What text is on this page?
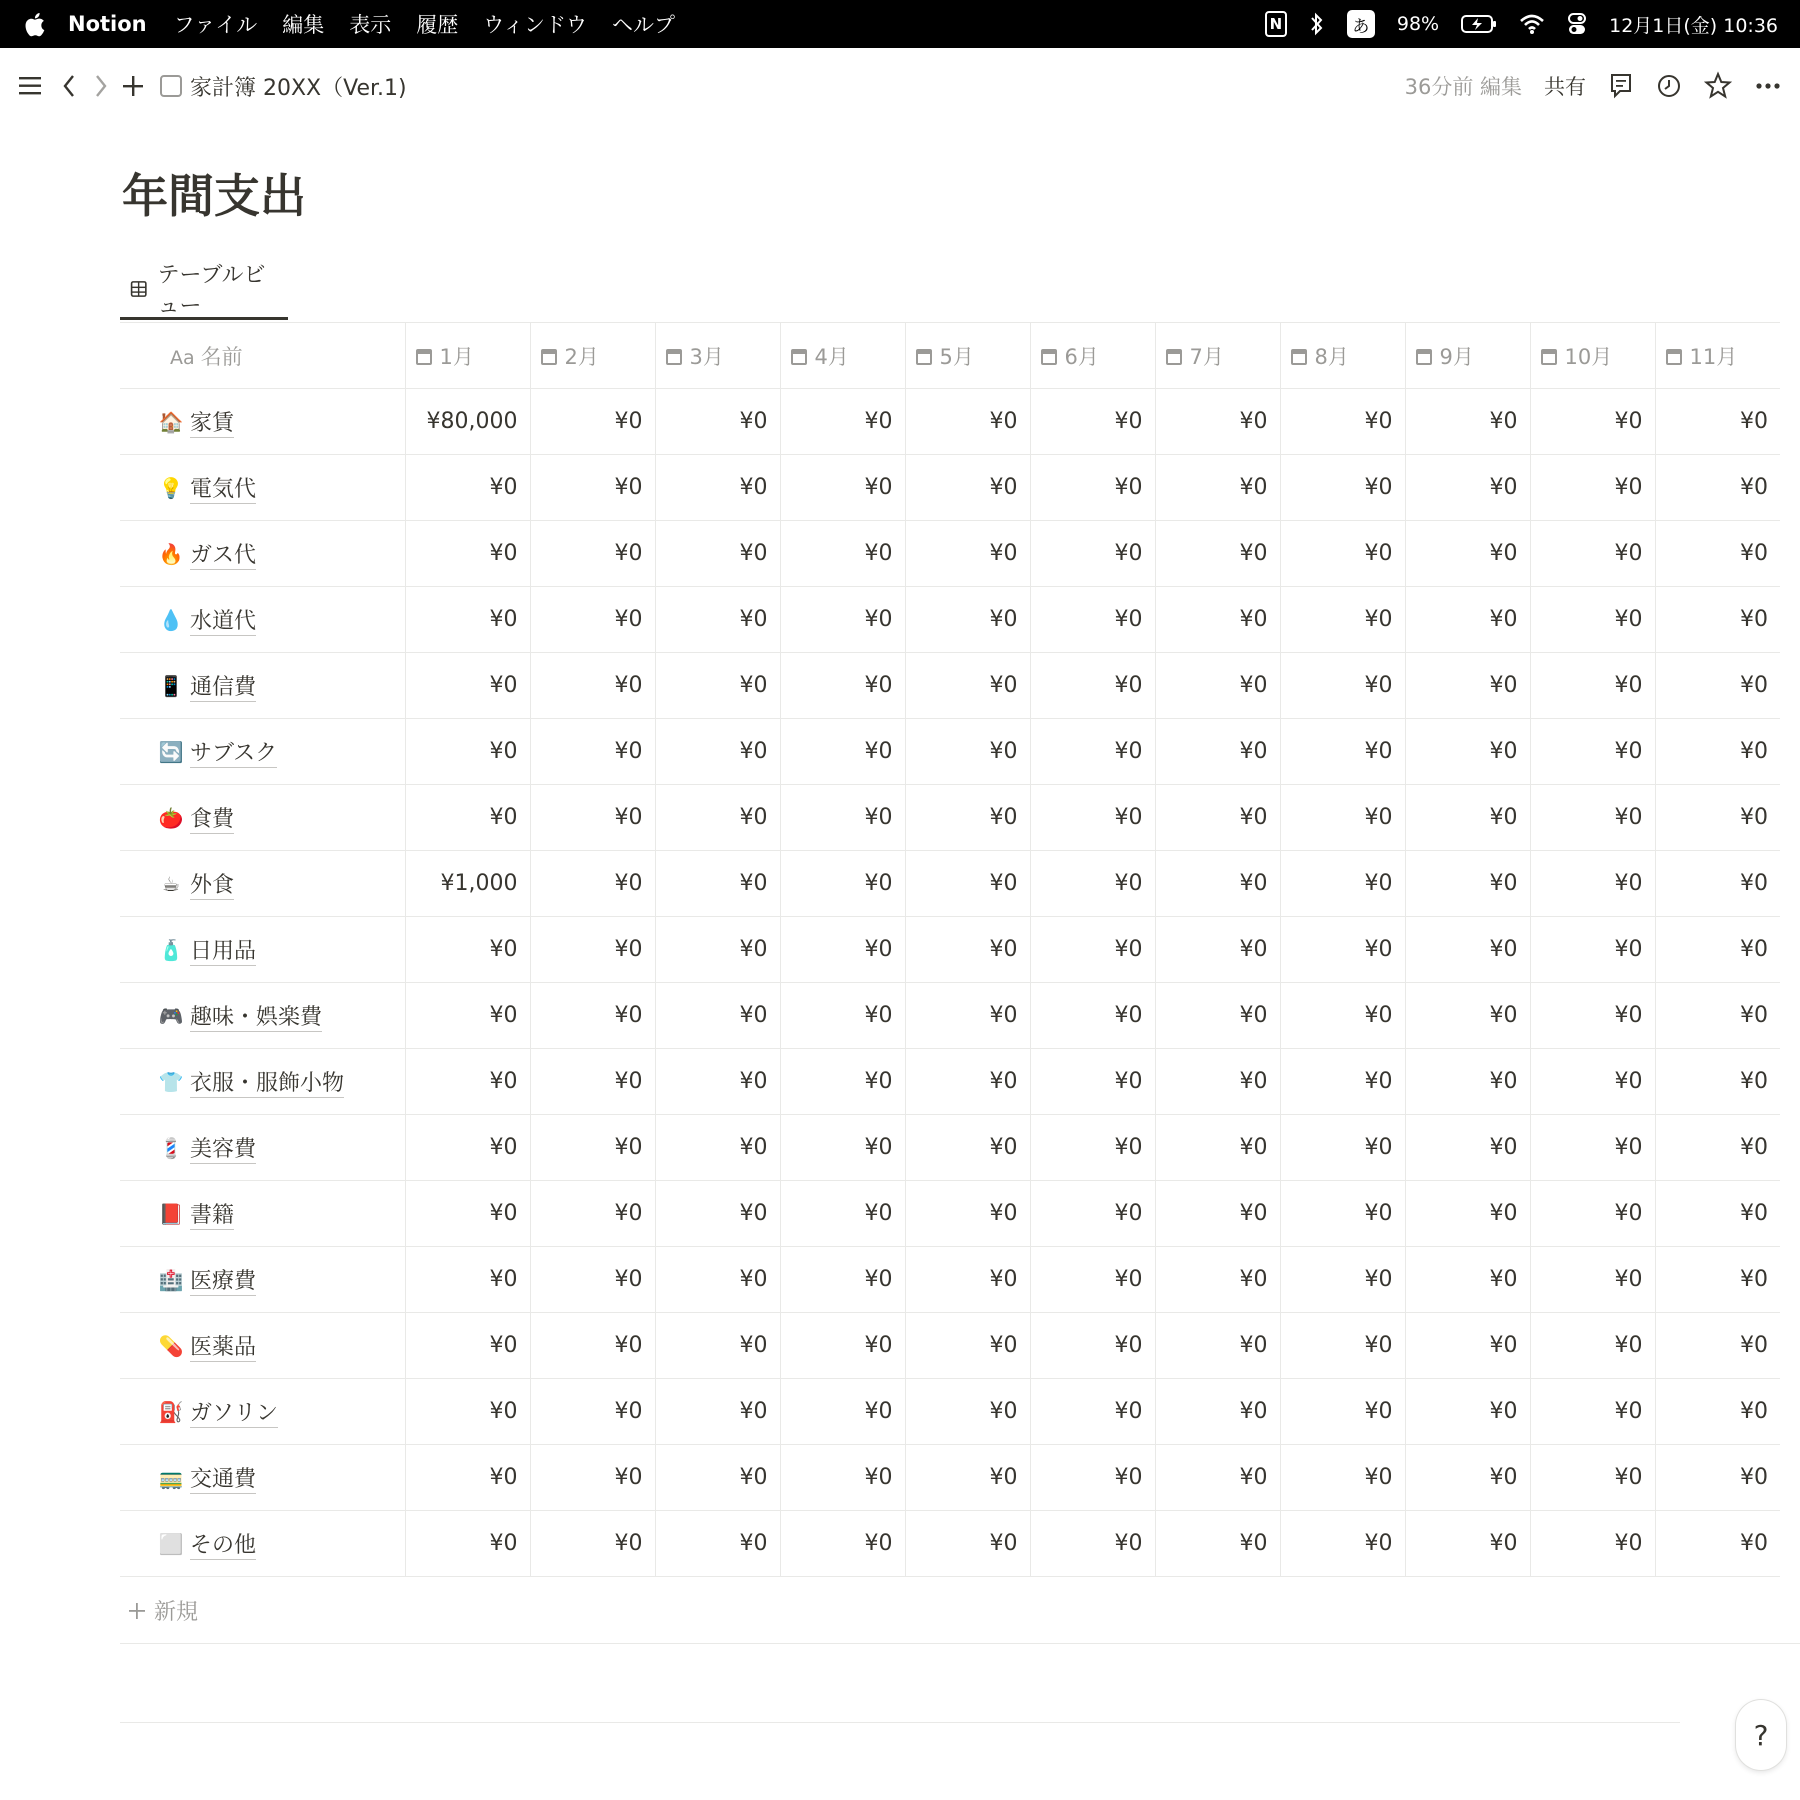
Notion ファイル 編集 表示 履歴 ウィンドウ ヘルプ	N	あ 98%	12月1日(金) 10:36
家計簿 20XX（Ver.1)	36分前 編集 共有
年間支出
テーブルビュー
Aa 名前	1月	2月	3月	4月	5月	6月	7月	8月	9月	10月	11月

🏠 家賃	¥80,000	¥0	¥0	¥0	¥0	¥0	¥0	¥0	¥0	¥0	¥0

💡 電気代	¥0	¥0	¥0	¥0	¥0	¥0	¥0	¥0	¥0	¥0	¥0

🔥 ガス代	¥0	¥0	¥0	¥0	¥0	¥0	¥0	¥0	¥0	¥0	¥0

💧 水道代	¥0	¥0	¥0	¥0	¥0	¥0	¥0	¥0	¥0	¥0	¥0

📱 通信費	¥0	¥0	¥0	¥0	¥0	¥0	¥0	¥0	¥0	¥0	¥0

🔄 サブスク	¥0	¥0	¥0	¥0	¥0	¥0	¥0	¥0	¥0	¥0	¥0

🍅 食費	¥0	¥0	¥0	¥0	¥0	¥0	¥0	¥0	¥0	¥0	¥0

☕ 外食	¥1,000	¥0	¥0	¥0	¥0	¥0	¥0	¥0	¥0	¥0	¥0

🧴 日用品	¥0	¥0	¥0	¥0	¥0	¥0	¥0	¥0	¥0	¥0	¥0

🎮 趣味・娯楽費	¥0	¥0	¥0	¥0	¥0	¥0	¥0	¥0	¥0	¥0	¥0

👕 衣服・服飾小物	¥0	¥0	¥0	¥0	¥0	¥0	¥0	¥0	¥0	¥0	¥0

💈 美容費	¥0	¥0	¥0	¥0	¥0	¥0	¥0	¥0	¥0	¥0	¥0

📕 書籍	¥0	¥0	¥0	¥0	¥0	¥0	¥0	¥0	¥0	¥0	¥0

🏥 医療費	¥0	¥0	¥0	¥0	¥0	¥0	¥0	¥0	¥0	¥0	¥0

💊 医薬品	¥0	¥0	¥0	¥0	¥0	¥0	¥0	¥0	¥0	¥0	¥0

⛽ ガソリン	¥0	¥0	¥0	¥0	¥0	¥0	¥0	¥0	¥0	¥0	¥0

🚃 交通費	¥0	¥0	¥0	¥0	¥0	¥0	¥0	¥0	¥0	¥0	¥0

⬜ その他	¥0	¥0	¥0	¥0	¥0	¥0	¥0	¥0	¥0	¥0	¥0
新規
?
